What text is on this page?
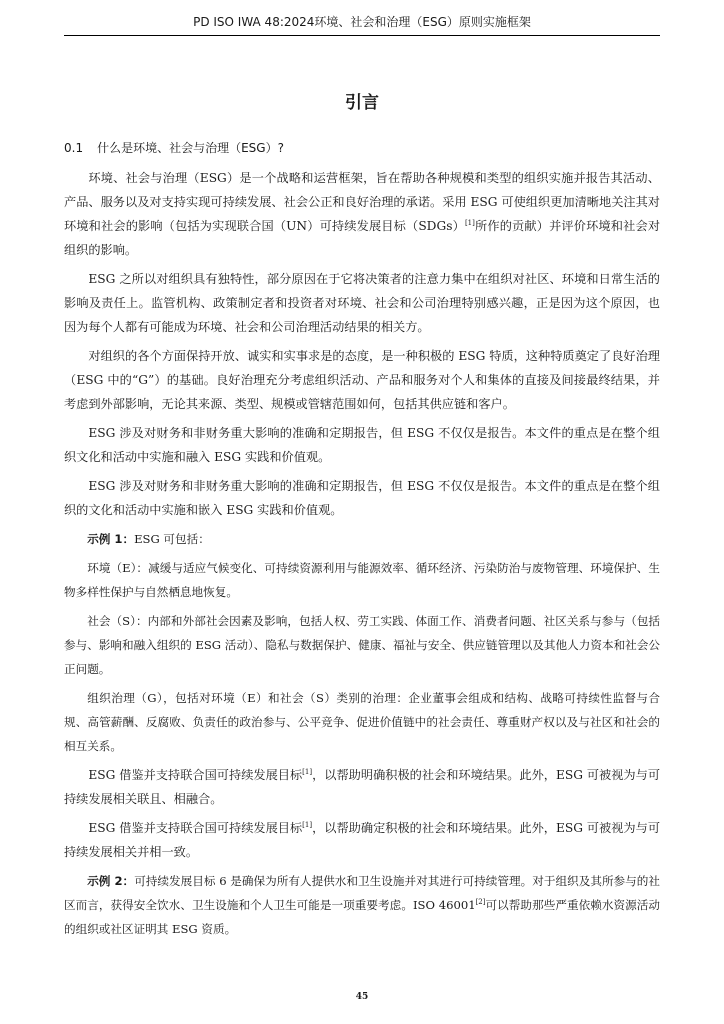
PD ISO IWA 48:2024环境、社会和治理（ESG）原则实施框架
引言
0.1 什么是环境、社会与治理（ESG）?

环境、社会与治理（ESG）是一个战略和运营框架，旨在帮助各种规模和类型的组织实施并报告其活动、产品、服务以及对支持实现可持续发展、社会公正和良好治理的承诺。采用 ESG 可使组织更加清晰地关注其对环境和社会的影响（包括为实现联合国（UN）可持续发展目标（SDGs）[1]所作的贡献）并评价环境和社会对组织的影响。

ESG 之所以对组织具有独特性，部分原因在于它将决策者的注意力集中在组织对社区、环境和日常生活的影响及责任上。监管机构、政策制定者和投资者对环境、社会和公司治理特别感兴趣，正是因为这个原因，也因为每个人都有可能成为环境、社会和公司治理活动结果的相关方。

对组织的各个方面保持开放、诚实和实事求是的态度，是一种积极的 ESG 特质，这种特质奠定了良好治理（ESG 中的“G”）的基础。良好治理充分考虑组织活动、产品和服务对个人和集体的直接及间接最终结果，并考虑到外部影响，无论其来源、类型、规模或管辖范围如何，包括其供应链和客户。

ESG 涉及对财务和非财务重大影响的准确和定期报告，但 ESG 不仅仅是报告。本文件的重点是在整个组织文化和活动中实施和融入 ESG 实践和价值观。

ESG 涉及对财务和非财务重大影响的准确和定期报告，但 ESG 不仅仅是报告。本文件的重点是在整个组织的文化和活动中实施和嵌入 ESG 实践和价值观。

示例 1：ESG 可包括：

环境（E）：减缓与适应气候变化、可持续资源利用与能源效率、循环经济、污染防治与废物管理、环境保护、生物多样性保护与自然栖息地恢复。

社会（S）：内部和外部社会因素及影响，包括人权、劳工实践、体面工作、消费者问题、社区关系与参与（包括参与、影响和融入组织的 ESG 活动）、隐私与数据保护、健康、福祉与安全、供应链管理以及其他人力资本和社会公正问题。

组织治理（G），包括对环境（E）和社会（S）类别的治理：企业董事会组成和结构、战略可持续性监督与合规、高管薪酬、反腐败、负责任的政治参与、公平竞争、促进价值链中的社会责任、尊重财产权以及与社区和社会的相互关系。

ESG 借鉴并支持联合国可持续发展目标[1]，以帮助明确积极的社会和环境结果。此外，ESG 可被视为与可持续发展相关联且、相融合。

ESG 借鉴并支持联合国可持续发展目标[1]，以帮助确定积极的社会和环境结果。此外，ESG 可被视为与可持续发展相关并相一致。

示例 2：可持续发展目标 6 是确保为所有人提供水和卫生设施并对其进行可持续管理。对于组织及其所参与的社区而言，获得安全饮水、卫生设施和个人卫生可能是一项重要考虑。ISO 46001[2]可以帮助那些严重依赖水资源活动的组织或社区证明其 ESG 资质。

45
